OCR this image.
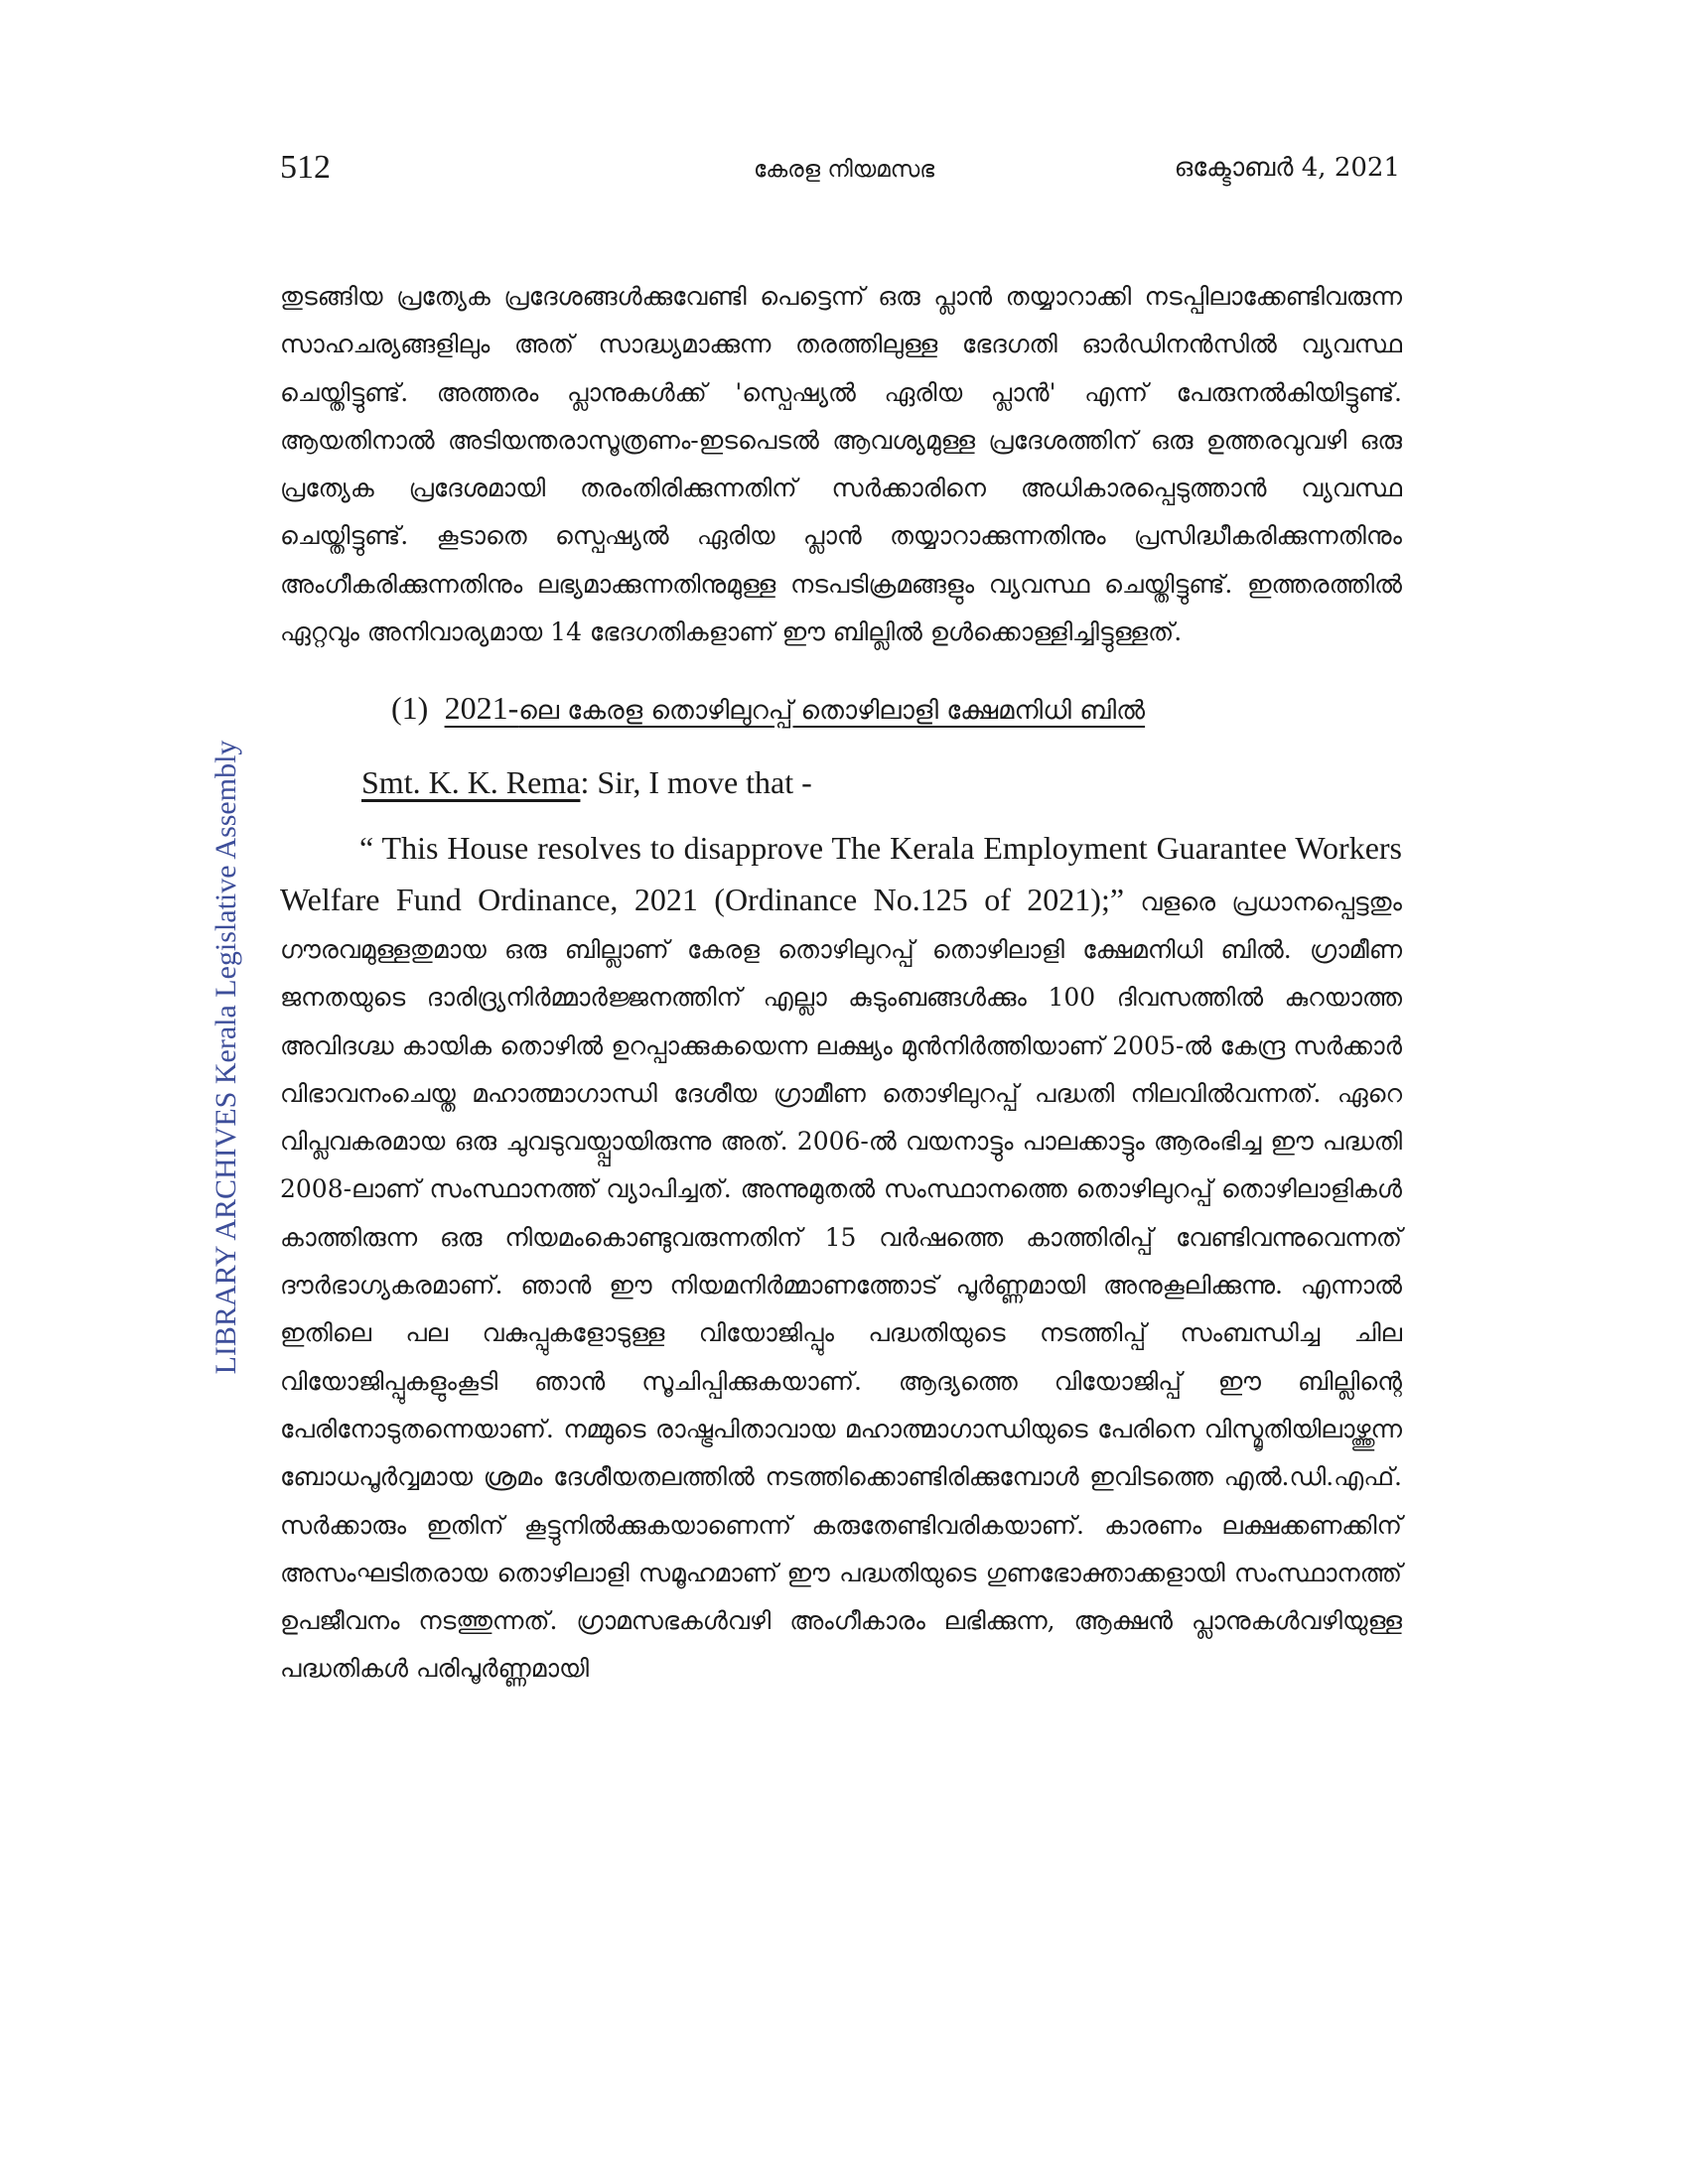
512	കേരള നിയമസഭ	ഒക്ടോബർ 4, 2021
LIBRARY ARCHIVES Kerala Legislative Assembly

തുടങ്ങിയ പ്രത്യേക പ്രദേശങ്ങൾക്കുവേണ്ടി പെട്ടെന്ന് ഒരു പ്ലാൻ തയ്യാറാക്കി നടപ്പിലാക്കേണ്ടിവരുന്ന സാഹചര്യങ്ങളിലും അത് സാദ്ധ്യമാക്കുന്ന തരത്തിലുള്ള ഭേദഗതി ഓർഡിനൻസിൽ വ്യവസ്ഥ ചെയ്തിട്ടുണ്ട്. അത്തരം പ്ലാനുകൾക്ക് 'സ്പെഷ്യൽ ഏരിയ പ്ലാൻ' എന്ന് പേരുനൽകിയിട്ടുണ്ട്. ആയതിനാൽ അടിയന്തരാസൂത്രണം-ഇടപെടൽ ആവശ്യമുള്ള പ്രദേശത്തിന് ഒരു ഉത്തരവുവഴി ഒരു പ്രത്യേക പ്രദേശമായി തരംതിരിക്കുന്നതിന് സർക്കാരിനെ അധികാരപ്പെടുത്താൻ വ്യവസ്ഥ ചെയ്തിട്ടുണ്ട്. കൂടാതെ സ്പെഷ്യൽ ഏരിയ പ്ലാൻ തയ്യാറാക്കുന്നതിനും പ്രസിദ്ധീകരിക്കുന്നതിനും അംഗീകരിക്കുന്നതിനും ലഭ്യമാക്കുന്നതിനുമുള്ള നടപടിക്രമങ്ങളും വ്യവസ്ഥ ചെയ്തിട്ടുണ്ട്. ഇത്തരത്തിൽ ഏറ്റവും അനിവാര്യമായ 14 ഭേദഗതികളാണ് ഈ ബില്ലിൽ ഉൾക്കൊള്ളിച്ചിട്ടുള്ളത്.

(1) 2021-ലെ കേരള തൊഴിലുറപ്പ് തൊഴിലാളി ക്ഷേമനിധി ബിൽ

Smt. K. K. Rema: Sir, I move that -

“ This House resolves to disapprove The Kerala Employment Guarantee Workers Welfare Fund Ordinance, 2021 (Ordinance No.125 of 2021);” വളരെ പ്രധാനപ്പെട്ടതും ഗൗരവമുള്ളതുമായ ഒരു ബില്ലാണ് കേരള തൊഴിലുറപ്പ് തൊഴിലാളി ക്ഷേമനിധി ബിൽ. ഗ്രാമീണ ജനതയുടെ ദാരിദ്ര്യനിർമ്മാർജ്ജനത്തിന് എല്ലാ കുടുംബങ്ങൾക്കും 100 ദിവസത്തിൽ കുറയാത്ത അവിദഗ്ദ്ധ കായിക തൊഴിൽ ഉറപ്പാക്കുകയെന്ന ലക്ഷ്യം മുൻനിർത്തിയാണ് 2005-ൽ കേന്ദ്ര സർക്കാർ വിഭാവനംചെയ്ത മഹാത്മാഗാന്ധി ദേശീയ ഗ്രാമീണ തൊഴിലുറപ്പ് പദ്ധതി നിലവിൽവന്നത്. ഏറെ വിപ്ലവകരമായ ഒരു ചുവടുവയ്പ്പായിരുന്നു അത്. 2006-ൽ വയനാട്ടും പാലക്കാട്ടും ആരംഭിച്ച ഈ പദ്ധതി 2008-ലാണ് സംസ്ഥാനത്ത് വ്യാപിച്ചത്. അന്നുമുതൽ സംസ്ഥാനത്തെ തൊഴിലുറപ്പ് തൊഴിലാളികൾ കാത്തിരുന്ന ഒരു നിയമംകൊണ്ടുവരുന്നതിന് 15 വർഷത്തെ കാത്തിരിപ്പ് വേണ്ടിവന്നുവെന്നത് ദൗർഭാഗ്യകരമാണ്. ഞാൻ ഈ നിയമനിർമ്മാണത്തോട് പൂർണ്ണമായി അനുകൂലിക്കുന്നു. എന്നാൽ ഇതിലെ പല വകുപ്പുകളോടുള്ള വിയോജിപ്പും പദ്ധതിയുടെ നടത്തിപ്പ് സംബന്ധിച്ച ചില വിയോജിപ്പുകളുംകൂടി ഞാൻ സൂചിപ്പിക്കുകയാണ്. ആദ്യത്തെ വിയോജിപ്പ് ഈ ബില്ലിന്റെ പേരിനോടുതന്നെയാണ്. നമ്മുടെ രാഷ്ട്രപിതാവായ മഹാത്മാഗാന്ധിയുടെ പേരിനെ വിസ്മൃതിയിലാഴ്ത്തുന്ന ബോധപൂർവ്വമായ ശ്രമം ദേശീയതലത്തിൽ നടത്തിക്കൊണ്ടിരിക്കുമ്പോൾ ഇവിടത്തെ എൽ.ഡി.എഫ്. സർക്കാരും ഇതിന് കൂട്ടുനിൽക്കുകയാണെന്ന് കരുതേണ്ടിവരികയാണ്. കാരണം ലക്ഷക്കണക്കിന് അസംഘടിതരായ തൊഴിലാളി സമൂഹമാണ് ഈ പദ്ധതിയുടെ ഗുണഭോക്താക്കളായി സംസ്ഥാനത്ത് ഉപജീവനം നടത്തുന്നത്. ഗ്രാമസഭകൾവഴി അംഗീകാരം ലഭിക്കുന്ന, ആക്ഷൻ പ്ലാനുകൾവഴിയുള്ള പദ്ധതികൾ പരിപൂർണ്ണമായി
